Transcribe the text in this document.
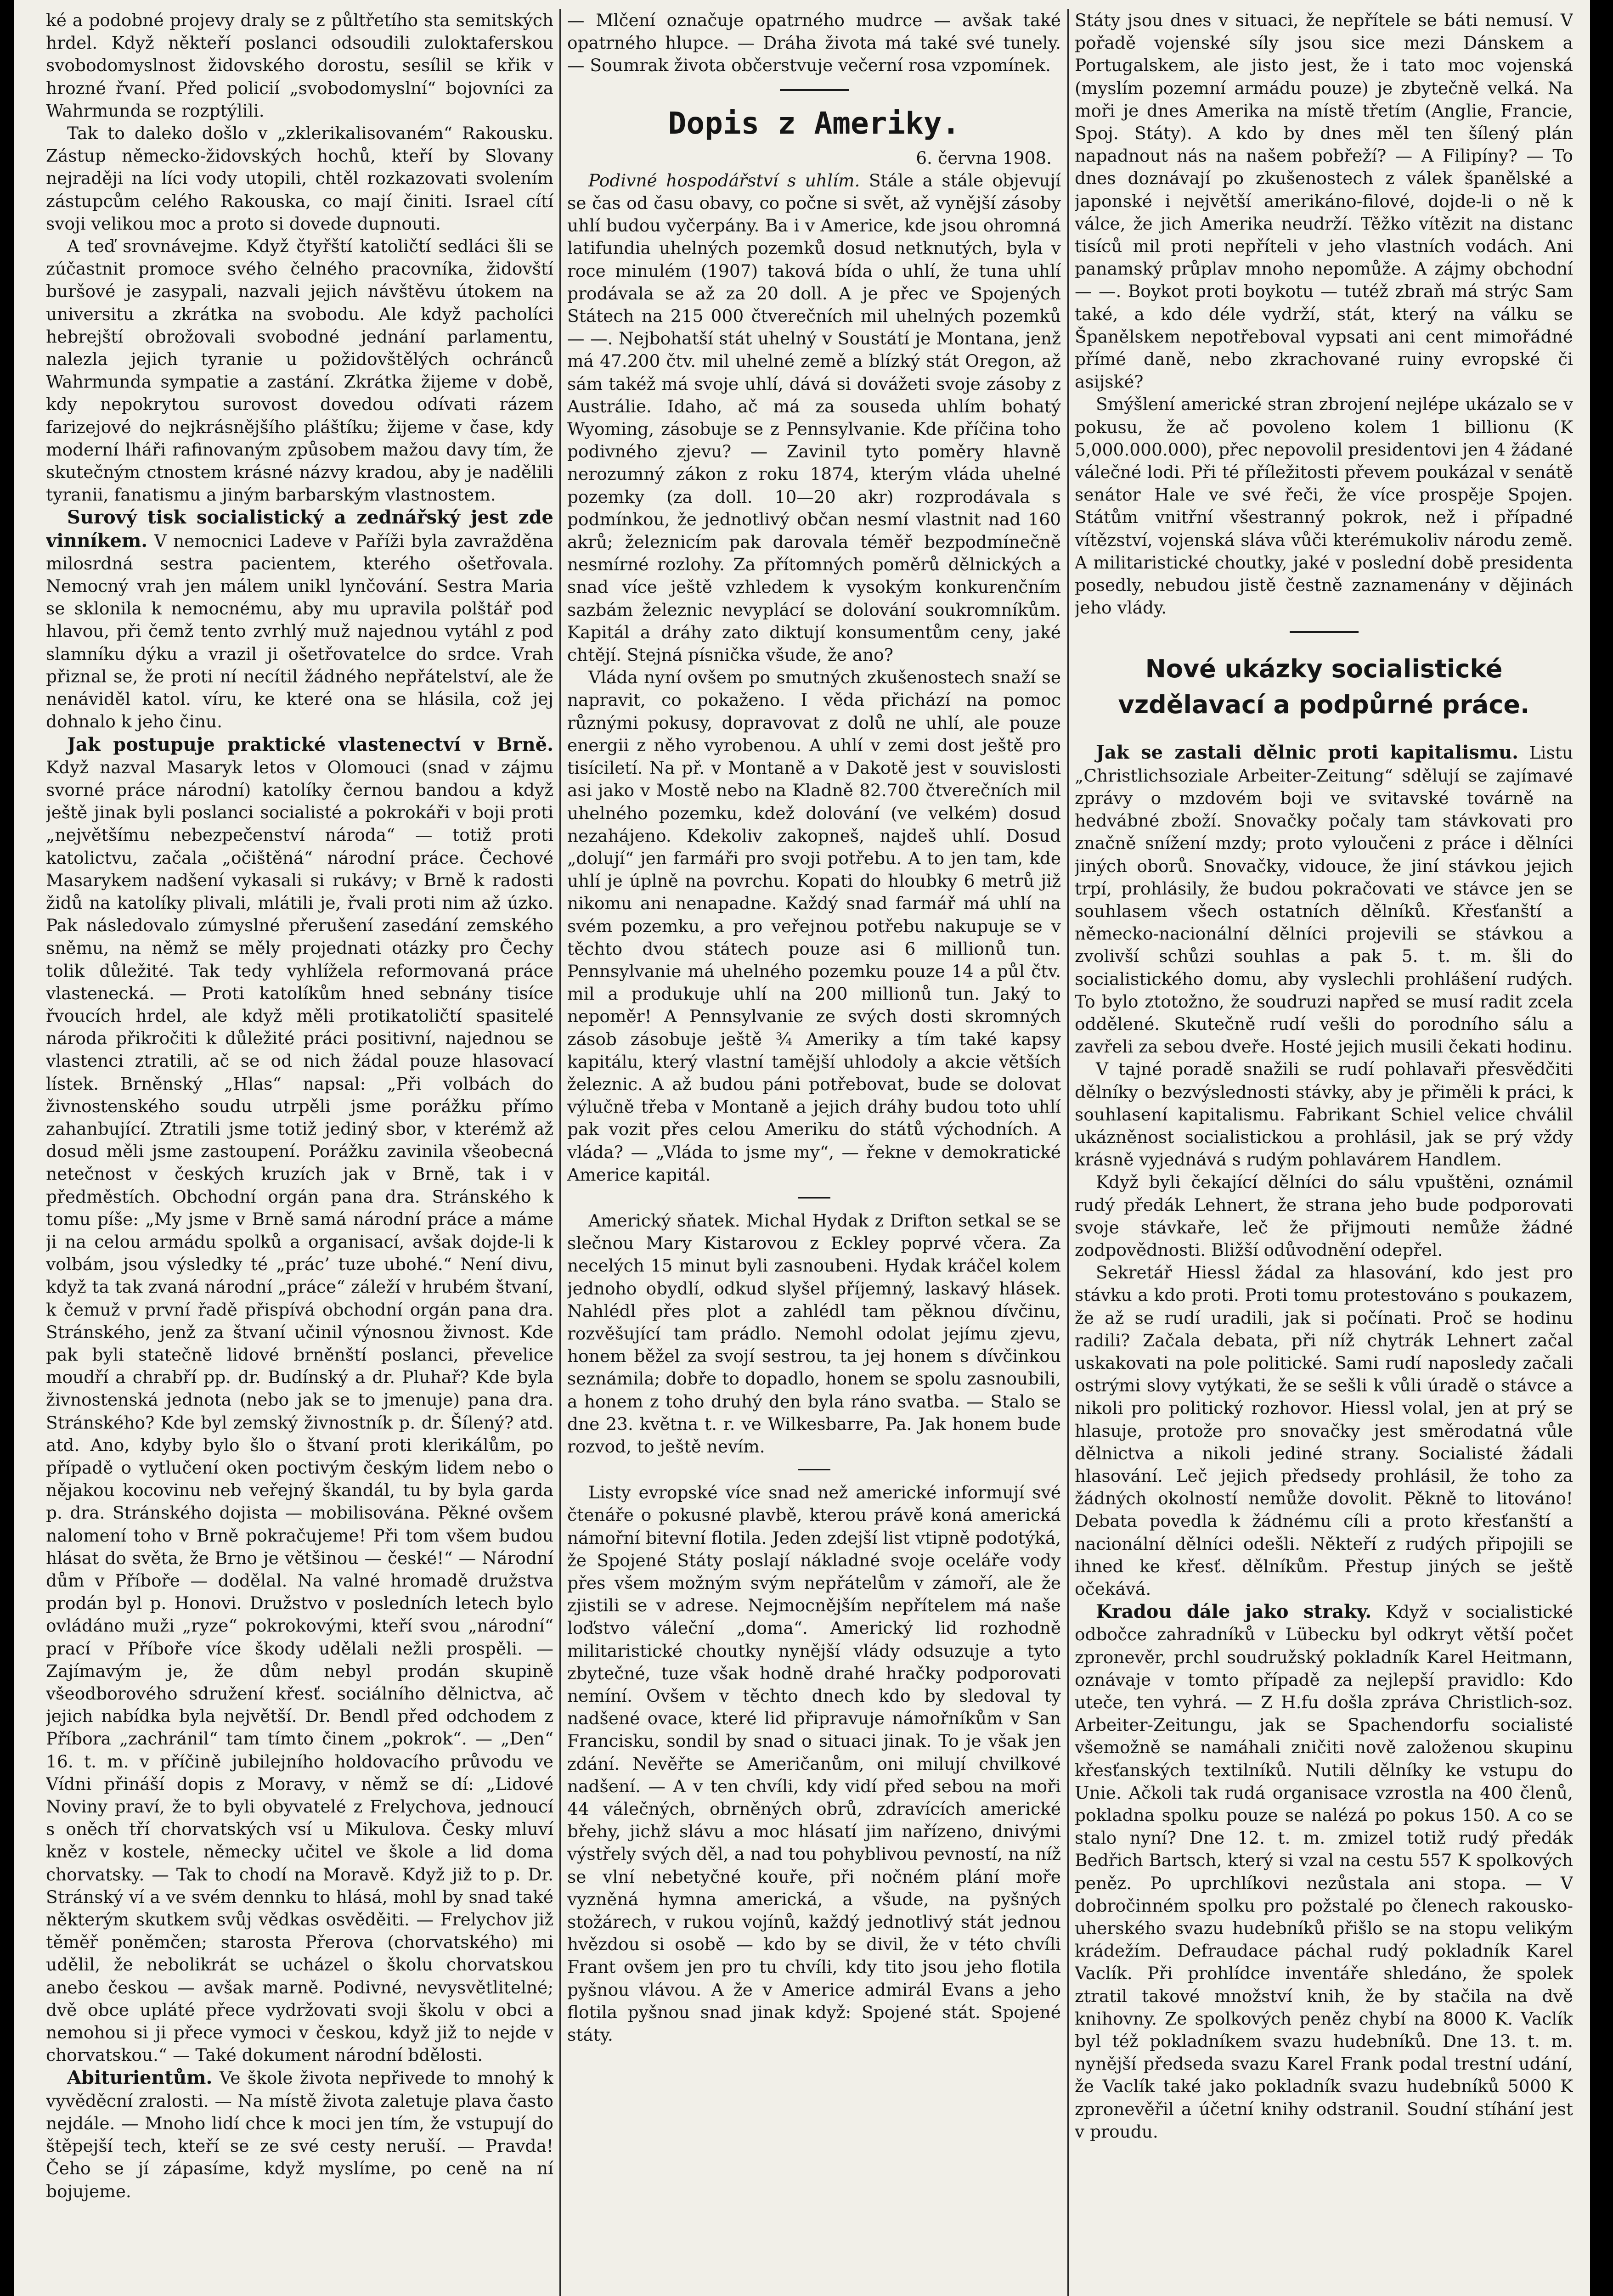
ké a podobné projevy draly se z půltřetího sta semitských hrdel. Když někteří poslanci odsoudili zuloktaferskou svobodomyslnost židovského dorostu, sesílil se křik v hrozné řvaní. Před policií „svobodomyslní“ bojovníci za Wahrmunda se rozptýlili.

Tak to daleko došlo v „zklerikalisovaném“ Rakousku. Zástup německo-židovských hochů, kteří by Slovany nejraději na líci vody utopili, chtěl rozkazovati svolením zástupcům celého Rakouska, co mají činiti. Israel cítí svoji velikou moc a proto si dovede dupnouti.

A teď srovnávejme. Když čtyřští katoličtí sedláci šli se zúčastnit promoce svého čelného pracovníka, židovští buršové je zasypali, nazvali jejich návštěvu útokem na universitu a zkrátka na svobodu. Ale když pacholíci hebrejští obrožovali svobodné jednání parlamentu, nalezla jejich tyranie u požidovštělých ochránců Wahrmunda sympatie a zastání. Zkrátka žijeme v době, kdy nepokrytou surovost dovedou odívati rázem farizejové do nejkrásnějšího pláštíku; žijeme v čase, kdy moderní lháři rafinovaným způsobem mažou davy tím, že skutečným ctnostem krásné názvy kradou, aby je nadělili tyranii, fanatismu a jiným barbarským vlastnostem.

Surový tisk socialistický a zednářský jest zde vinníkem. V nemocnici Ladeve v Paříži byla zavražděna milosrdná sestra pacientem, kterého ošetřovala. Nemocný vrah jen málem unikl lynčování. Sestra Maria se sklonila k nemocnému, aby mu upravila polštář pod hlavou, při čemž tento zvrhlý muž najednou vytáhl z pod slamníku dýku a vrazil ji ošetřovatelce do srdce. Vrah přiznal se, že proti ní necítil žádného nepřátelství, ale že nenáviděl katol. víru, ke které ona se hlásila, což jej dohnalo k jeho činu.

Jak postupuje praktické vlastenectví v Brně. Když nazval Masaryk letos v Olomouci (snad v zájmu svorné práce národní) katolíky černou bandou a když ještě jinak byli poslanci socialisté a pokrokáři v boji proti „největšímu nebezpečenství národa“ — totiž proti katolictvu, začala „očištěná“ národní práce. Čechové Masarykem nadšení vykasali si rukávy; v Brně k radosti židů na katolíky plivali, mlátili je, řvali proti nim až úzko. Pak následovalo zúmyslné přerušení zasedání zemského sněmu, na němž se měly projednati otázky pro Čechy tolik důležité. Tak tedy vyhlížela reformovaná práce vlastenecká. — Proti katolíkům hned sebnány tisíce řvoucích hrdel, ale když měli protikatoličtí spasitelé národa přikročiti k důležité práci positivní, najednou se vlastenci ztratili, ač se od nich žádal pouze hlasovací lístek. Brněnský „Hlas“ napsal: „Při volbách do živnostenského soudu utrpěli jsme porážku přímo zahanbující. Ztratili jsme totiž jediný sbor, v kterémž až dosud měli jsme zastoupení. Porážku zavinila všeobecná netečnost v českých kruzích jak v Brně, tak i v předměstích. Obchodní orgán pana dra. Stránského k tomu píše: „My jsme v Brně samá národní práce a máme ji na celou armádu spolků a organisací, avšak dojde-li k volbám, jsou výsledky té „prác’ tuze ubohé.“ Není divu, když ta tak zvaná národní „práce“ záleží v hrubém štvaní, k čemuž v první řadě přispívá obchodní orgán pana dra. Stránského, jenž za štvaní učinil výnosnou živnost. Kde pak byli statečně lidové brněnští poslanci, převelice moudří a chrabří pp. dr. Budínský a dr. Pluhař? Kde byla živnostenská jednota (nebo jak se to jmenuje) pana dra. Stránského? Kde byl zemský živnostník p. dr. Šílený? atd. atd. Ano, kdyby bylo šlo o štvaní proti klerikálům, po případě o vytlučení oken poctivým českým lidem nebo o nějakou kocovinu neb veřejný škandál, tu by byla garda p. dra. Stránského dojista — mobilisována. Pěkné ovšem nalomení toho v Brně pokračujeme! Při tom všem budou hlásat do světa, že Brno je většinou — české!“ — Národní dům v Příboře — dodělal. Na valné hromadě družstva prodán byl p. Honovi. Družstvo v posledních letech bylo ovládáno muži „ryze“ pokrokovými, kteří svou „národní“ prací v Příboře více škody udělali nežli prospěli. — Zajímavým je, že dům nebyl prodán skupině všeodborového sdružení křesť. sociálního dělnictva, ač jejich nabídka byla největší. Dr. Bendl před odchodem z Příbora „zachránil“ tam tímto činem „pokrok“. — „Den“ 16. t. m. v příčině jubilejního holdovacího průvodu ve Vídni přináší dopis z Moravy, v němž se dí: „Lidové Noviny praví, že to byli obyvatelé z Frelychova, jednoucí s oněch tří chorvatských vsí u Mikulova. Česky mluví kněz v kostele, německy učitel ve škole a lid doma chorvatsky. — Tak to chodí na Moravě. Když již to p. Dr. Stránský ví a ve svém dennku to hlásá, mohl by snad také některým skutkem svůj vědkas osvěděiti. — Frelychov již těměř poněmčen; starosta Přerova (chorvatského) mi udělil, že nebolikrát se ucházel o školu chorvatskou anebo českou — avšak marně. Podivné, nevysvětlitelné; dvě obce upláté přece vydržovati svoji školu v obci a nemohou si ji přece vymoci v českou, když již to nejde v chorvatskou.“ — Také dokument národní bdělosti.

Abiturientům. Ve škole života nepřivede to mnohý k vyvěděcní zralosti. — Na místě života zaletuje plava často nejdále. — Mnoho lidí chce k moci jen tím, že vstupují do štěpejší tech, kteří se ze své cesty neruší. — Pravda! Čeho se jí zápasíme, když myslíme, po ceně na ní bojujeme.

— Mlčení označuje opatrného mudrce — avšak také opatrného hlupce. — Dráha života má také své tunely. — Soumrak života občerstvuje večerní rosa vzpomínek.

Dopis z Ameriky.

6. června 1908.

Podivné hospodářství s uhlím. Stále a stále objevují se čas od času obavy, co počne si svět, až vynější zásoby uhlí budou vyčerpány. Ba i v Americe, kde jsou ohromná latifundia uhelných pozemků dosud netknutých, byla v roce minulém (1907) taková bída o uhlí, že tuna uhlí prodávala se až za 20 doll. A je přec ve Spojených Státech na 215 000 čtverečních mil uhelných pozemků — —. Nejbohatší stát uhelný v Soustátí je Montana, jenž má 47.200 čtv. mil uhelné země a blízký stát Oregon, až sám takéž má svoje uhlí, dává si dovážeti svoje zásoby z Austrálie. Idaho, ač má za souseda uhlím bohatý Wyoming, zásobuje se z Pennsylvanie. Kde příčina toho podivného zjevu? — Zavinil tyto poměry hlavně nerozumný zákon z roku 1874, kterým vláda uhelné pozemky (za doll. 10—20 akr) rozprodávala s podmínkou, že jednotlivý občan nesmí vlastnit nad 160 akrů; železnicím pak darovala téměř bezpodmínečně nesmírné rozlohy. Za přítomných poměrů dělnických a snad více ještě vzhledem k vysokým konkurenčním sazbám železnic nevyplácí se dolování soukromníkům. Kapitál a dráhy zato diktují konsumentům ceny, jaké chtějí. Stejná písnička všude, že ano?

Vláda nyní ovšem po smutných zkušenostech snaží se napravit, co pokaženo. I věda přichází na pomoc různými pokusy, dopravovat z dolů ne uhlí, ale pouze energii z něho vyrobenou. A uhlí v zemi dost ještě pro tisíciletí. Na př. v Montaně a v Dakotě jest v souvislosti asi jako v Mostě nebo na Kladně 82.700 čtverečních mil uhelného pozemku, kdež dolování (ve velkém) dosud nezahájeno. Kdekoliv zakopneš, najdeš uhlí. Dosud „dolují“ jen farmáři pro svoji potřebu. A to jen tam, kde uhlí je úplně na povrchu. Kopati do hloubky 6 metrů již nikomu ani nenapadne. Každý snad farmář má uhlí na svém pozemku, a pro veřejnou potřebu nakupuje se v těchto dvou státech pouze asi 6 millionů tun. Pennsylvanie má uhelného pozemku pouze 14 a půl čtv. mil a produkuje uhlí na 200 millionů tun. Jaký to nepoměr! A Pennsylvanie ze svých dosti skromných zásob zásobuje ještě ¾ Ameriky a tím také kapsy kapitálu, který vlastní tamější uhlodoly a akcie větších železnic. A až budou páni potřebovat, bude se dolovat výlučně třeba v Montaně a jejich dráhy budou toto uhlí pak vozit přes celou Ameriku do států východních. A vláda? — „Vláda to jsme my“, — řekne v demokratické Americe kapitál.

Americký sňatek. Michal Hydak z Drifton setkal se se slečnou Mary Kistarovou z Eckley poprvé včera. Za necelých 15 minut byli zasnoubeni. Hydak kráčel kolem jednoho obydlí, odkud slyšel příjemný, laskavý hlásek. Nahlédl přes plot a zahlédl tam pěknou dívčinu, rozvěšující tam prádlo. Nemohl odolat jejímu zjevu, honem běžel za svojí sestrou, ta jej honem s dívčinkou seznámila; dobře to dopadlo, honem se spolu zasnoubili, a honem z toho druhý den byla ráno svatba. — Stalo se dne 23. května t. r. ve Wilkesbarre, Pa. Jak honem bude rozvod, to ještě nevím.

Listy evropské více snad než americké informují své čtenáře o pokusné plavbě, kterou právě koná americká námořní bitevní flotila. Jeden zdejší list vtipně podotýká, že Spojené Státy poslají nákladné svoje oceláře vody přes všem možným svým nepřátelům v zámoří, ale že zjistili se v adrese. Nejmocnějším nepřítelem má naše loďstvo váleční „doma“. Americký lid rozhodně militaristické choutky nynější vlády odsuzuje a tyto zbytečné, tuze však hodně drahé hračky podporovati nemíní. Ovšem v těchto dnech kdo by sledoval ty nadšené ovace, které lid připravuje námořníkům v San Francisku, sondil by snad o situaci jinak. To je však jen zdání. Nevěřte se Američanům, oni milují chvilkové nadšení. — A v ten chvíli, kdy vidí před sebou na moři 44 válečných, obrněných obrů, zdravících americké břehy, jichž slávu a moc hlásatí jim nařízeno, dnivými výstřely svých děl, a nad tou pohyblivou pevností, na níž se vlní nebetyčné kouře, při nočném plání moře vyzněná hymna americká, a všude, na pyšných stožárech, v rukou vojínů, každý jednotlivý stát jednou hvězdou si osobě — kdo by se divil, že v této chvíli Frant ovšem jen pro tu chvíli, kdy tito jsou jeho flotila pyšnou vlávou. A že v Americe admirál Evans a jeho flotila pyšnou snad jinak když: Spojené stát. Spojené státy.

Státy jsou dnes v situaci, že nepřítele se báti nemusí. V pořadě vojenské síly jsou sice mezi Dánskem a Portugalskem, ale jisto jest, že i tato moc vojenská (myslím pozemní armádu pouze) je zbytečně velká. Na moři je dnes Amerika na místě třetím (Anglie, Francie, Spoj. Státy). A kdo by dnes měl ten šílený plán napadnout nás na našem pobřeží? — A Filipíny? — To dnes doznávají po zkušenostech z válek španělské a japonské i největší amerikáno-filové, dojde-li o ně k válce, že jich Amerika neudrží. Těžko vítězit na distanc tisíců mil proti nepříteli v jeho vlastních vodách. Ani panamský průplav mnoho nepomůže. A zájmy obchodní — —. Boykot proti boykotu — tutéž zbraň má strýc Sam také, a kdo déle vydrží, stát, který na válku se Španělskem nepotřeboval vypsati ani cent mimořádné přímé daně, nebo zkrachované ruiny evropské či asijské?

Smýšlení americké stran zbrojení nejlépe ukázalo se v pokusu, že ač povoleno kolem 1 billionu (K 5,000.000.000), přec nepovolil presidentovi jen 4 žádané válečné lodi. Při té příležitosti převem poukázal v senátě senátor Hale ve své řeči, že více prospěje Spojen. Státům vnitřní všestranný pokrok, než i případné vítězství, vojenská sláva vůči kterémukoliv národu země. A militaristické choutky, jaké v poslední době presidenta posedly, nebudou jistě čestně zaznamenány v dějinách jeho vlády.

Nové ukázky socialistické vzdělavací a podpůrné práce.

Jak se zastali dělnic proti kapitalismu. Listu „Christlichsoziale Arbeiter-Zeitung“ sdělují se zajímavé zprávy o mzdovém boji ve svitavské továrně na hedvábné zboží. Snovačky počaly tam stávkovati pro značně snížení mzdy; proto vyloučeni z práce i dělníci jiných oborů. Snovačky, vidouce, že jiní stávkou jejich trpí, prohlásily, že budou pokračovati ve stávce jen se souhlasem všech ostatních dělníků. Křesťanští a německo-nacionální dělníci projevili se stávkou a zvolivší schůzi souhlas a pak 5. t. m. šli do socialistického domu, aby vyslechli prohlášení rudých. To bylo ztotožno, že soudruzi napřed se musí radit zcela oddělené. Skutečně rudí vešli do porodního sálu a zavřeli za sebou dveře. Hosté jejich musili čekati hodinu.

V tajné poradě snažili se rudí pohlavaři přesvědčiti dělníky o bezvýslednosti stávky, aby je přiměli k práci, k souhlasení kapitalismu. Fabrikant Schiel velice chválil ukázněnost socialistickou a prohlásil, jak se prý vždy krásně vyjednává s rudým pohlavárem Handlem.

Když byli čekající dělníci do sálu vpuštěni, oznámil rudý předák Lehnert, že strana jeho bude podporovati svoje stávkaře, leč že přijmouti nemůže žádné zodpovědnosti. Bližší odůvodnění odepřel.

Sekretář Hiessl žádal za hlasování, kdo jest pro stávku a kdo proti. Proti tomu protestováno s poukazem, že až se rudí uradili, jak si počínati. Proč se hodinu radili? Začala debata, při níž chytrák Lehnert začal uskakovati na pole politické. Sami rudí naposledy začali ostrými slovy vytýkati, že se sešli k vůli úradě o stávce a nikoli pro politický rozhovor. Hiessl volal, jen at prý se hlasuje, protože pro snovačky jest směrodatná vůle dělnictva a nikoli jediné strany. Socialisté žádali hlasování. Leč jejich předsedy prohlásil, že toho za žádných okolností nemůže dovolit. Pěkně to litováno! Debata povedla k žádnému cíli a proto křesťanští a nacionální dělníci odešli. Někteří z rudých připojili se ihned ke křesť. dělníkům. Přestup jiných se ještě očekává.

Kradou dále jako straky. Když v socialistické odbočce zahradníků v Lübecku byl odkryt větší počet zpronevěr, prchl soudružský pokladník Karel Heitmann, oznávaje v tomto případě za nejlepší pravidlo: Kdo uteče, ten vyhrá. — Z H.fu došla zpráva Christlich-soz. Arbeiter-Zeitungu, jak se Spachendorfu socialisté všemožně se namáhali zničiti nově založenou skupinu křesťanských textilníků. Nutili dělníky ke vstupu do Unie. Ačkoli tak rudá organisace vzrostla na 400 členů, pokladna spolku pouze se nalézá po pokus 150. A co se stalo nyní? Dne 12. t. m. zmizel totiž rudý předák Bedřich Bartsch, který si vzal na cestu 557 K spolkových peněz. Po uprchlíkovi nezůstala ani stopa. — V dobročinném spolku pro požstalé po členech rakousko-uherského svazu hudebníků přišlo se na stopu velikým krádežím. Defraudace páchal rudý pokladník Karel Vaclík. Při prohlídce inventáře shledáno, že spolek ztratil takové množství knih, že by stačila na dvě knihovny. Ze spolkových peněz chybí na 8000 K. Vaclík byl též pokladníkem svazu hudebníků. Dne 13. t. m. nynější předseda svazu Karel Frank podal trestní udání, že Vaclík také jako pokladník svazu hudebníků 5000 K zpronevěřil a účetní knihy odstranil. Soudní stíhání jest v proudu.
